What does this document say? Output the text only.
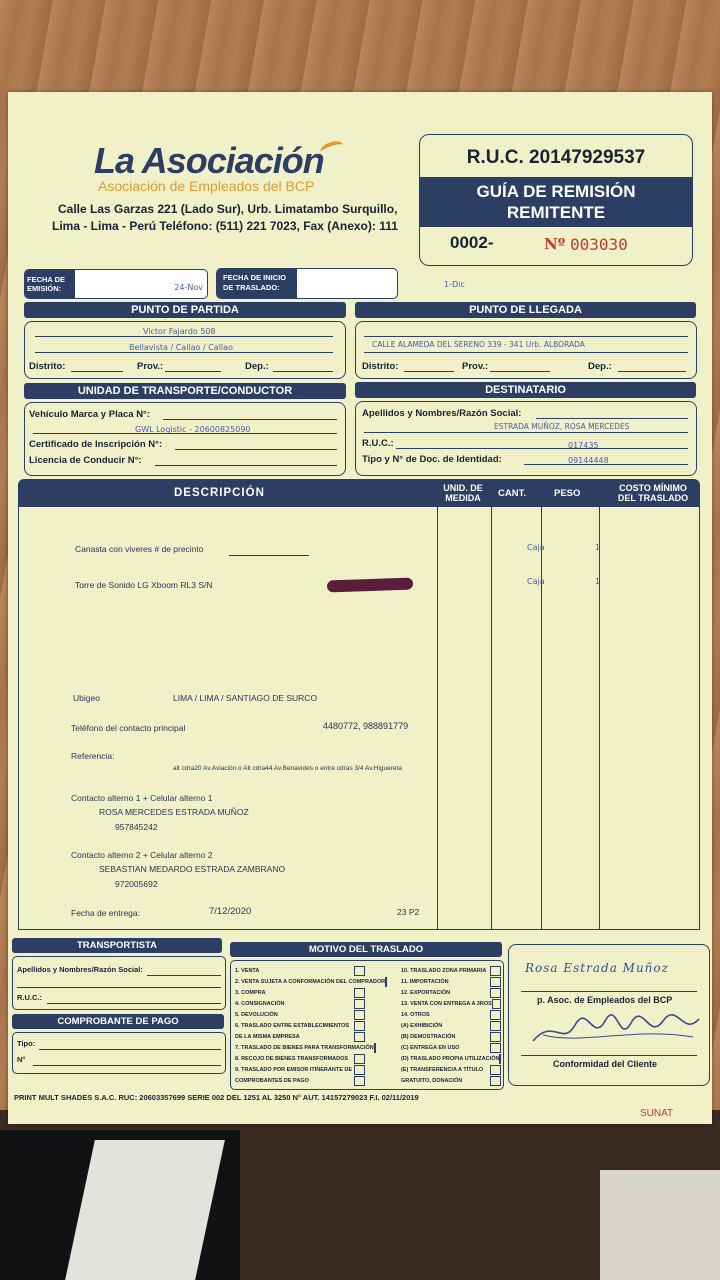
La Asociación
Asociación de Empleados del BCP
Calle Las Garzas 221 (Lado Sur), Urb. Limatambo Surquillo,
Lima - Lima - Perú Teléfono: (511) 221 7023, Fax (Anexo): 111
R.U.C. 20147929537
GUÍA DE REMISIÓN
REMITENTE
0002-	Nº 003030
FECHA DE
EMISIÓN:	24-Nov
FECHA DE INICIO
DE TRASLADO:	1-Dic
PUNTO DE PARTIDA
Victor Fajardo 508
Bellavista / Callao / Callao
Distrito:	Prov.:	Dep.:
PUNTO DE LLEGADA
CALLE ALAMEDA DEL SERENO 339 - 341 Urb. ALBORADA
Distrito:	Prov.:	Dep.:
UNIDAD DE TRANSPORTE/CONDUCTOR
Vehículo Marca y Placa N°:
GWL Logistic - 20600825090
Certificado de Inscripción N°:
Licencia de Conducir N°:
DESTINATARIO
Apellidos y Nombres/Razón Social:
ESTRADA MUÑOZ, ROSA MERCEDES
R.U.C.:	017435
Tipo y N° de Doc. de Identidad:	09144448
DESCRIPCIÓN	UNID. DE
MEDIDA	CANT.	PESO	COSTO MÍNIMO
DEL TRASLADO
Canasta con viveres # de precinto	Caja	1
Torre de Sonido LG Xboom RL3 S/N	Caja	1
Ubigeo	LIMA / LIMA / SANTIAGO DE SURCO
Teléfono del contacto principal	4480772, 988891779
Referencia:
alt cdra20 Av.Aviación o Alt cdra44 Av.Benavides o entre cdras 3/4 Av.Higuereta
Contacto alterno 1 + Celular alterno 1
ROSA MERCEDES ESTRADA MUÑOZ
957845242
Contacto alterno 2 + Celular alterno 2
SEBASTIAN MEDARDO ESTRADA ZAMBRANO
972005692
Fecha de entrega:	7/12/2020	23 P2
TRANSPORTISTA
Apellidos y Nombres/Razón Social:
R.U.C.:
COMPROBANTE DE PAGO
Tipo:
N°
MOTIVO DEL TRASLADO
1. VENTA
2. VENTA SUJETA A CONFORMACIÓN DEL COMPRADOR
3. COMPRA
4. CONSIGNACIÓN
5. DEVOLUCIÓN
6. TRASLADO ENTRE ESTABLECIMIENTOS
DE LA MISMA EMPRESA
7. TRASLADO DE BIENES PARA TRANSFORMACIÓN
8. RECOJO DE BIENES TRANSFORMADOS
9. TRASLADO POR EMISOR ITINERANTE DE
COMPROBANTES DE PAGO
10. TRASLADO ZONA PRIMARIA
11. IMPORTACIÓN
12. EXPORTACIÓN
13. VENTA CON ENTREGA A 3ROS
14. OTROS
(A) EXHIBICIÓN
(B) DEMOSTRACIÓN
(C) ENTREGA EN USO
(D) TRASLADO PROPIA UTILIZACIÓN
(E) TRANSFERENCIA A TÍTULO
GRATUITO, DONACIÓN
Rosa Estrada Muñoz
p. Asoc. de Empleados del BCP
Conformidad del Cliente
PRINT MULT SHADES S.A.C. RUC: 20603357699 SERIE 002 DEL 1251 AL 3250 N° AUT. 14157279023 F.I. 02/11/2019
SUNAT
